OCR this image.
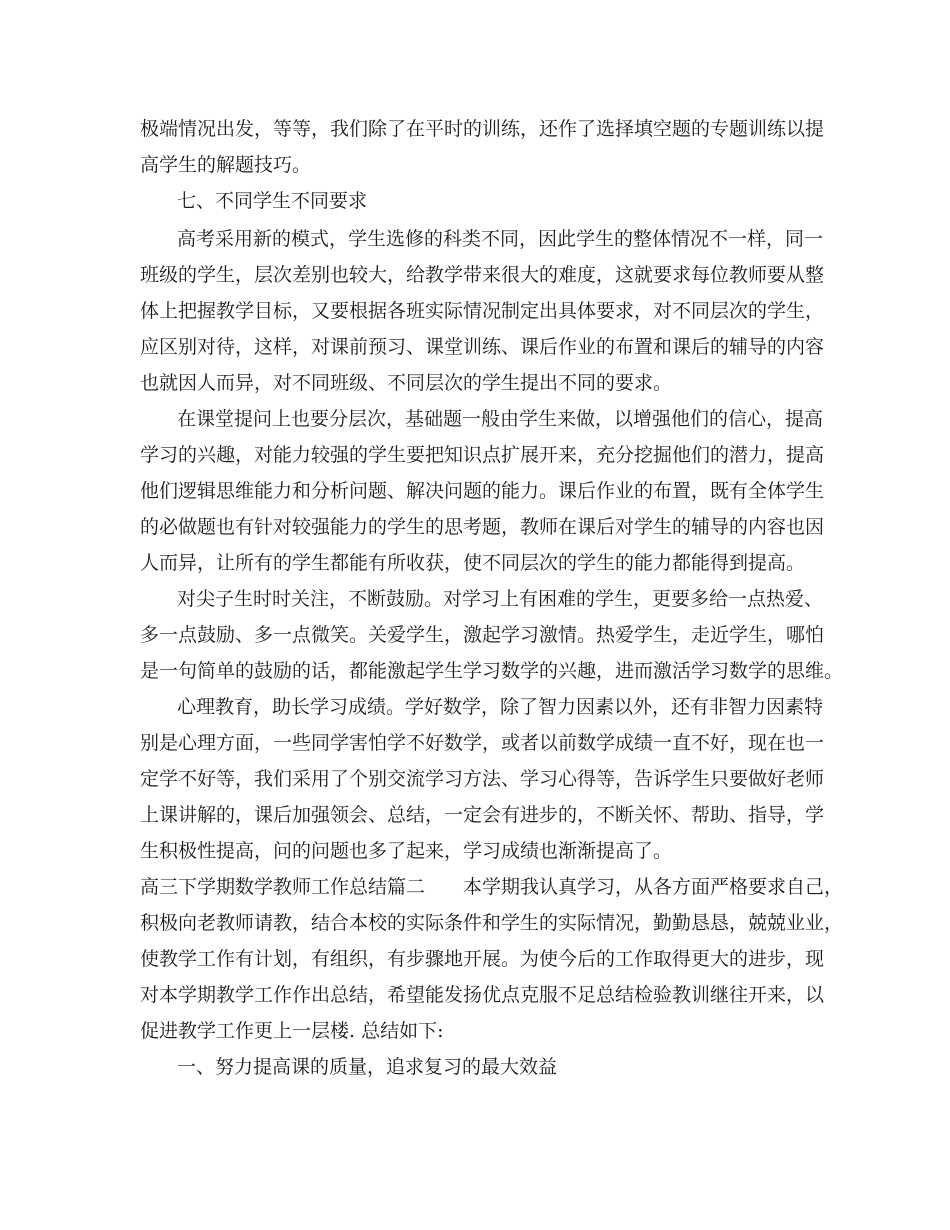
极端情况出发，等等，我们除了在平时的训练，还作了选择填空题的专题训练以提
高学生的解题技巧。
七、不同学生不同要求
高考采用新的模式，学生选修的科类不同，因此学生的整体情况不一样，同一
班级的学生，层次差别也较大，给教学带来很大的难度，这就要求每位教师要从整
体上把握教学目标，又要根据各班实际情况制定出具体要求，对不同层次的学生，
应区别对待，这样，对课前预习、课堂训练、课后作业的布置和课后的辅导的内容
也就因人而异，对不同班级、不同层次的学生提出不同的要求。
在课堂提问上也要分层次，基础题一般由学生来做，以增强他们的信心，提高
学习的兴趣，对能力较强的学生要把知识点扩展开来，充分挖掘他们的潜力，提高
他们逻辑思维能力和分析问题、解决问题的能力。课后作业的布置，既有全体学生
的必做题也有针对较强能力的学生的思考题，教师在课后对学生的辅导的内容也因
人而异，让所有的学生都能有所收获，使不同层次的学生的能力都能得到提高。
对尖子生时时关注，不断鼓励。对学习上有困难的学生，更要多给一点热爱、
多一点鼓励、多一点微笑。关爱学生，激起学习激情。热爱学生，走近学生，哪怕
是一句简单的鼓励的话，都能激起学生学习数学的兴趣，进而激活学习数学的思维。
心理教育，助长学习成绩。学好数学，除了智力因素以外，还有非智力因素特
别是心理方面，一些同学害怕学不好数学，或者以前数学成绩一直不好，现在也一
定学不好等，我们采用了个别交流学习方法、学习心得等，告诉学生只要做好老师
上课讲解的，课后加强领会、总结，一定会有进步的，不断关怀、帮助、指导，学
生积极性提高，问的问题也多了起来，学习成绩也渐渐提高了。
高三下学期数学教师工作总结篇二　　本学期我认真学习，从各方面严格要求自己，
积极向老教师请教，结合本校的实际条件和学生的实际情况，勤勤恳恳，兢兢业业，
使教学工作有计划，有组织，有步骤地开展。为使今后的工作取得更大的进步，现
对本学期教学工作作出总结，希望能发扬优点克服不足总结检验教训继往开来，以
促进教学工作更上一层楼. 总结如下:
一、努力提高课的质量，追求复习的最大效益
